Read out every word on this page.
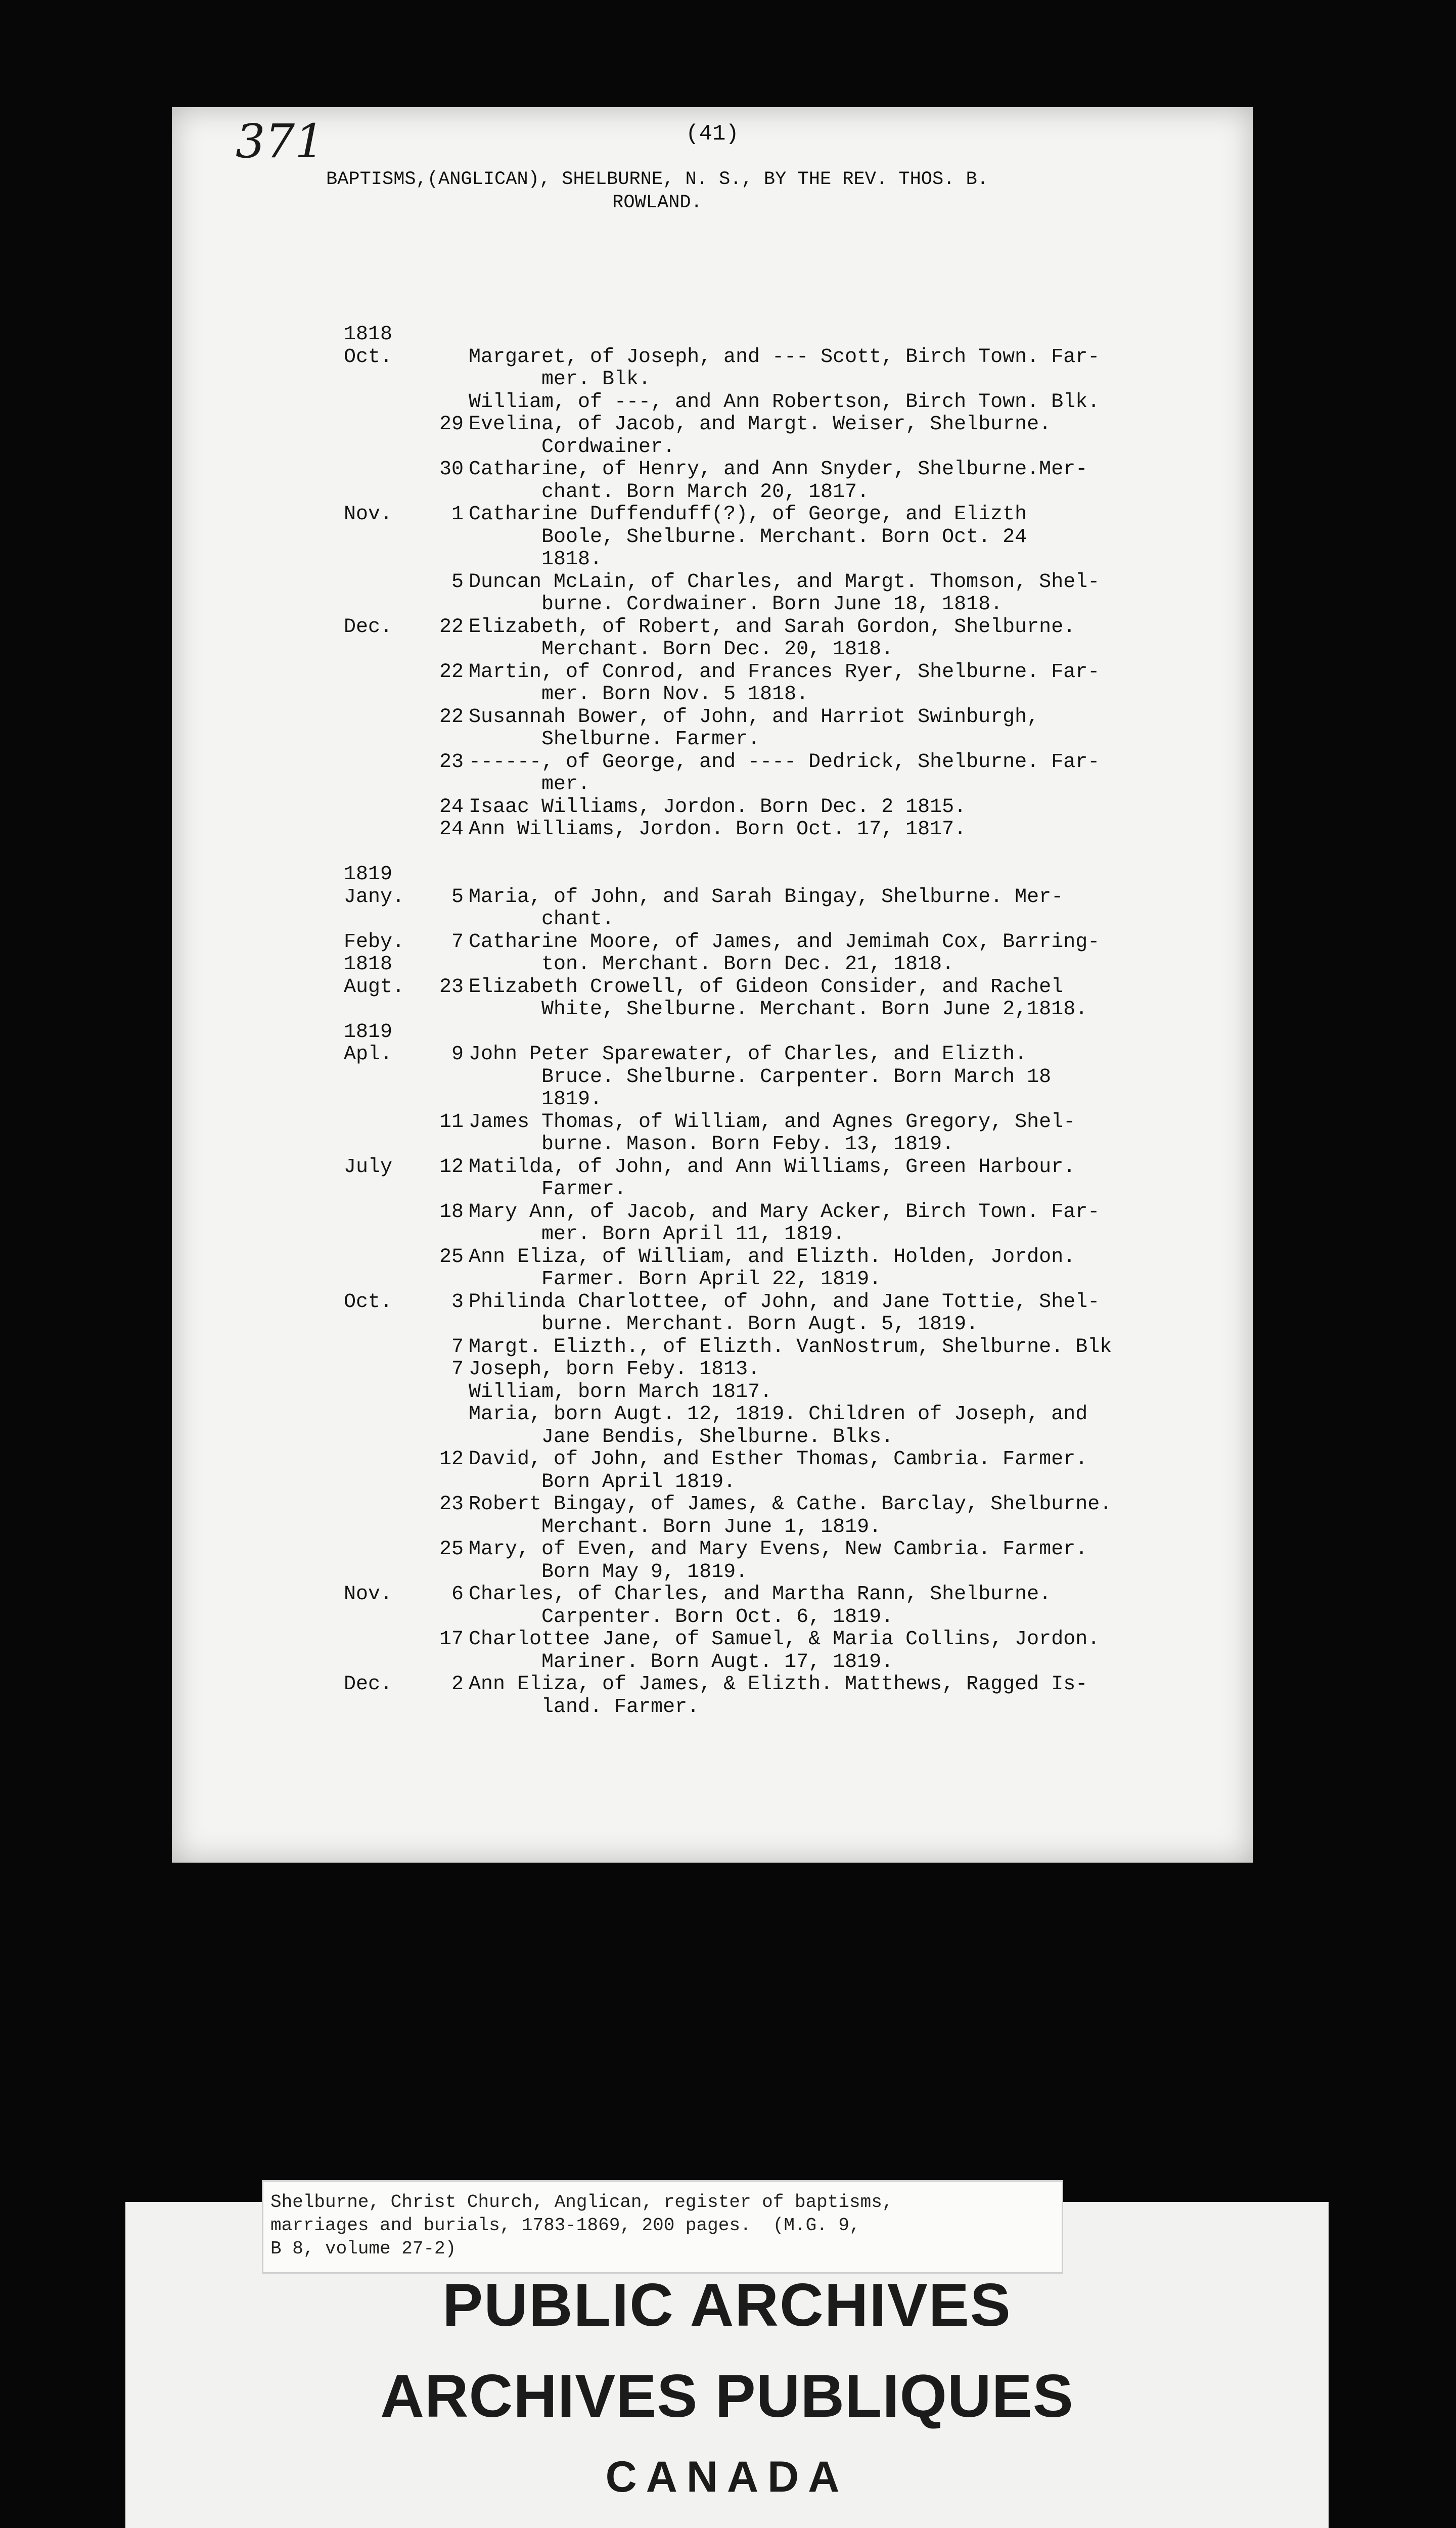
371	(41)
BAPTISMS,(ANGLICAN), SHELBURNE, N. S., BY THE REV. THOS. B.
ROWLAND.
1818
Oct.	Margaret, of Joseph, and --- Scott, Birch Town. Far-
mer. Blk.
William, of ---, and Ann Robertson, Birch Town. Blk.
29 Evelina, of Jacob, and Margt. Weiser, Shelburne.
Cordwainer.
30 Catharine, of Henry, and Ann Snyder, Shelburne.Mer-
chant. Born March 20, 1817.
Nov.	1 Catharine Duffenduff(?), of George, and Elizth
Boole, Shelburne. Merchant. Born Oct. 24
1818.
5 Duncan McLain, of Charles, and Margt. Thomson, Shel-
burne. Cordwainer. Born June 18, 1818.
Dec. 22 Elizabeth, of Robert, and Sarah Gordon, Shelburne.
Merchant. Born Dec. 20, 1818.
22 Martin, of Conrod, and Frances Ryer, Shelburne. Far-
mer. Born Nov. 5 1818.
22 Susannah Bower, of John, and Harriot Swinburgh,
Shelburne. Farmer.
23 ------, of George, and ---- Dedrick, Shelburne. Far-
mer.
24 Isaac Williams, Jordon. Born Dec. 2 1815.
24 Ann Williams, Jordon. Born Oct. 17, 1817.
1819
Jany. 5 Maria, of John, and Sarah Bingay, Shelburne. Mer-
chant.
Feby. 7 Catharine Moore, of James, and Jemimah Cox, Barring-
1818	ton. Merchant. Born Dec. 21, 1818.
Augt. 23 Elizabeth Crowell, of Gideon Consider, and Rachel
White, Shelburne. Merchant. Born June 2,1818.
1819
Apl.	9 John Peter Sparewater, of Charles, and Elizth.
Bruce. Shelburne. Carpenter. Born March 18
1819.
11 James Thomas, of William, and Agnes Gregory, Shel-
burne. Mason. Born Feby. 13, 1819.
July 12 Matilda, of John, and Ann Williams, Green Harbour.
Farmer.
18 Mary Ann, of Jacob, and Mary Acker, Birch Town. Far-
mer. Born April 11, 1819.
25 Ann Eliza, of William, and Elizth. Holden, Jordon.
Farmer. Born April 22, 1819.
Oct.	3 Philinda Charlottee, of John, and Jane Tottie, Shel-
burne. Merchant. Born Augt. 5, 1819.
7 Margt. Elizth., of Elizth. VanNostrum, Shelburne. Blk
7 Joseph, born Feby. 1813.
William, born March 1817.
Maria, born Augt. 12, 1819. Children of Joseph, and
Jane Bendis, Shelburne. Blks.
12 David, of John, and Esther Thomas, Cambria. Farmer.
Born April 1819.
23 Robert Bingay, of James, & Cathe. Barclay, Shelburne.
Merchant. Born June 1, 1819.
25 Mary, of Even, and Mary Evens, New Cambria. Farmer.
Born May 9, 1819.
Nov.	6 Charles, of Charles, and Martha Rann, Shelburne.
Carpenter. Born Oct. 6, 1819.
17 Charlottee Jane, of Samuel, & Maria Collins, Jordon.
Mariner. Born Augt. 17, 1819.
Dec.	2 Ann Eliza, of James, & Elizth. Matthews, Ragged Is-
land. Farmer.
Shelburne, Christ Church, Anglican, register of baptisms,
marriages and burials, 1783-1869, 200 pages.  (M.G. 9,
B 8, volume 27-2)
PUBLIC ARCHIVES
ARCHIVES PUBLIQUES
CANADA
